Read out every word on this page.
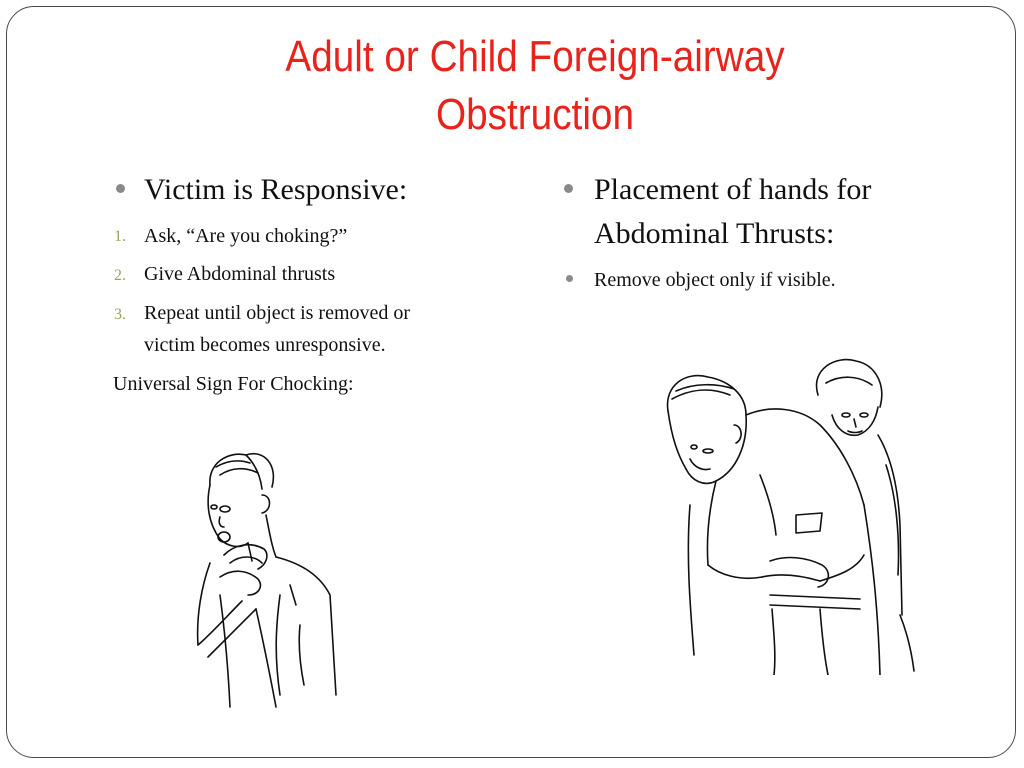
Adult or Child Foreign-airway
Obstruction
Victim is Responsive:
1. Ask, “Are you choking?”
2. Give Abdominal thrusts
3. Repeat until object is removed or
victim becomes unresponsive.
Universal Sign For Chocking:
Placement of hands for
Abdominal Thrusts:
Remove object only if visible.
